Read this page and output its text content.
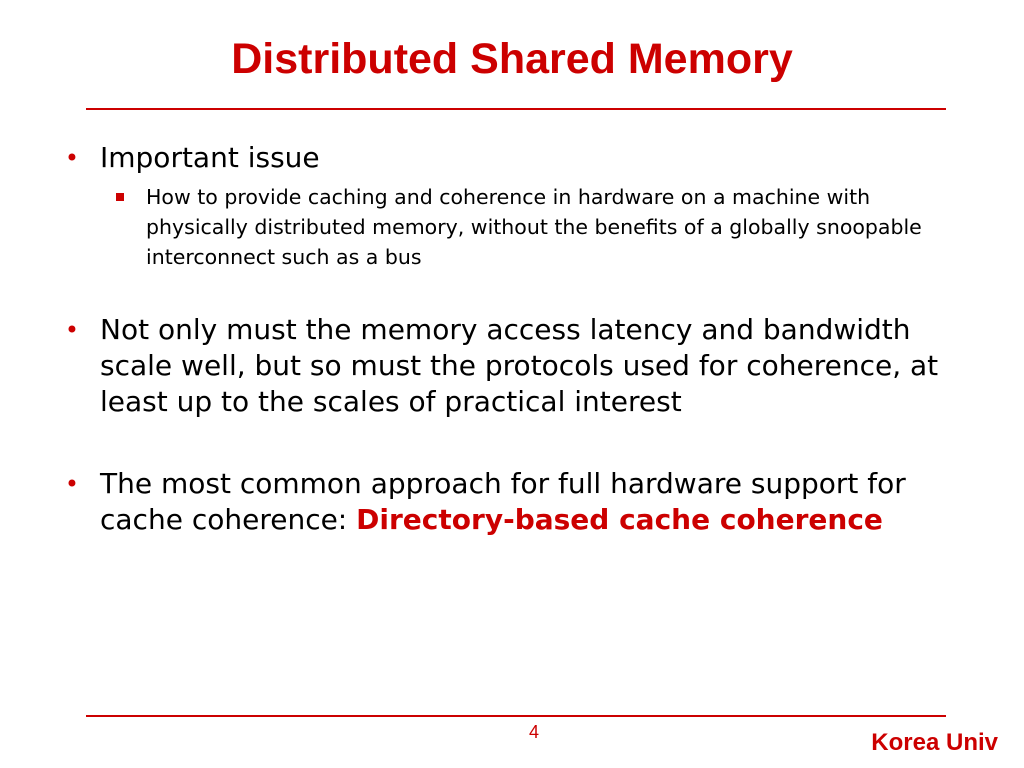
Distributed Shared Memory

• Important issue

How to provide caching and coherence in hardware on a machine with physically distributed memory, without the benefits of a globally snoopable interconnect such as a bus

• Not only must the memory access latency and bandwidth scale well, but so must the protocols used for coherence, at least up to the scales of practical interest

• The most common approach for full hardware support for cache coherence: Directory-based cache coherence

4	Korea Univ
